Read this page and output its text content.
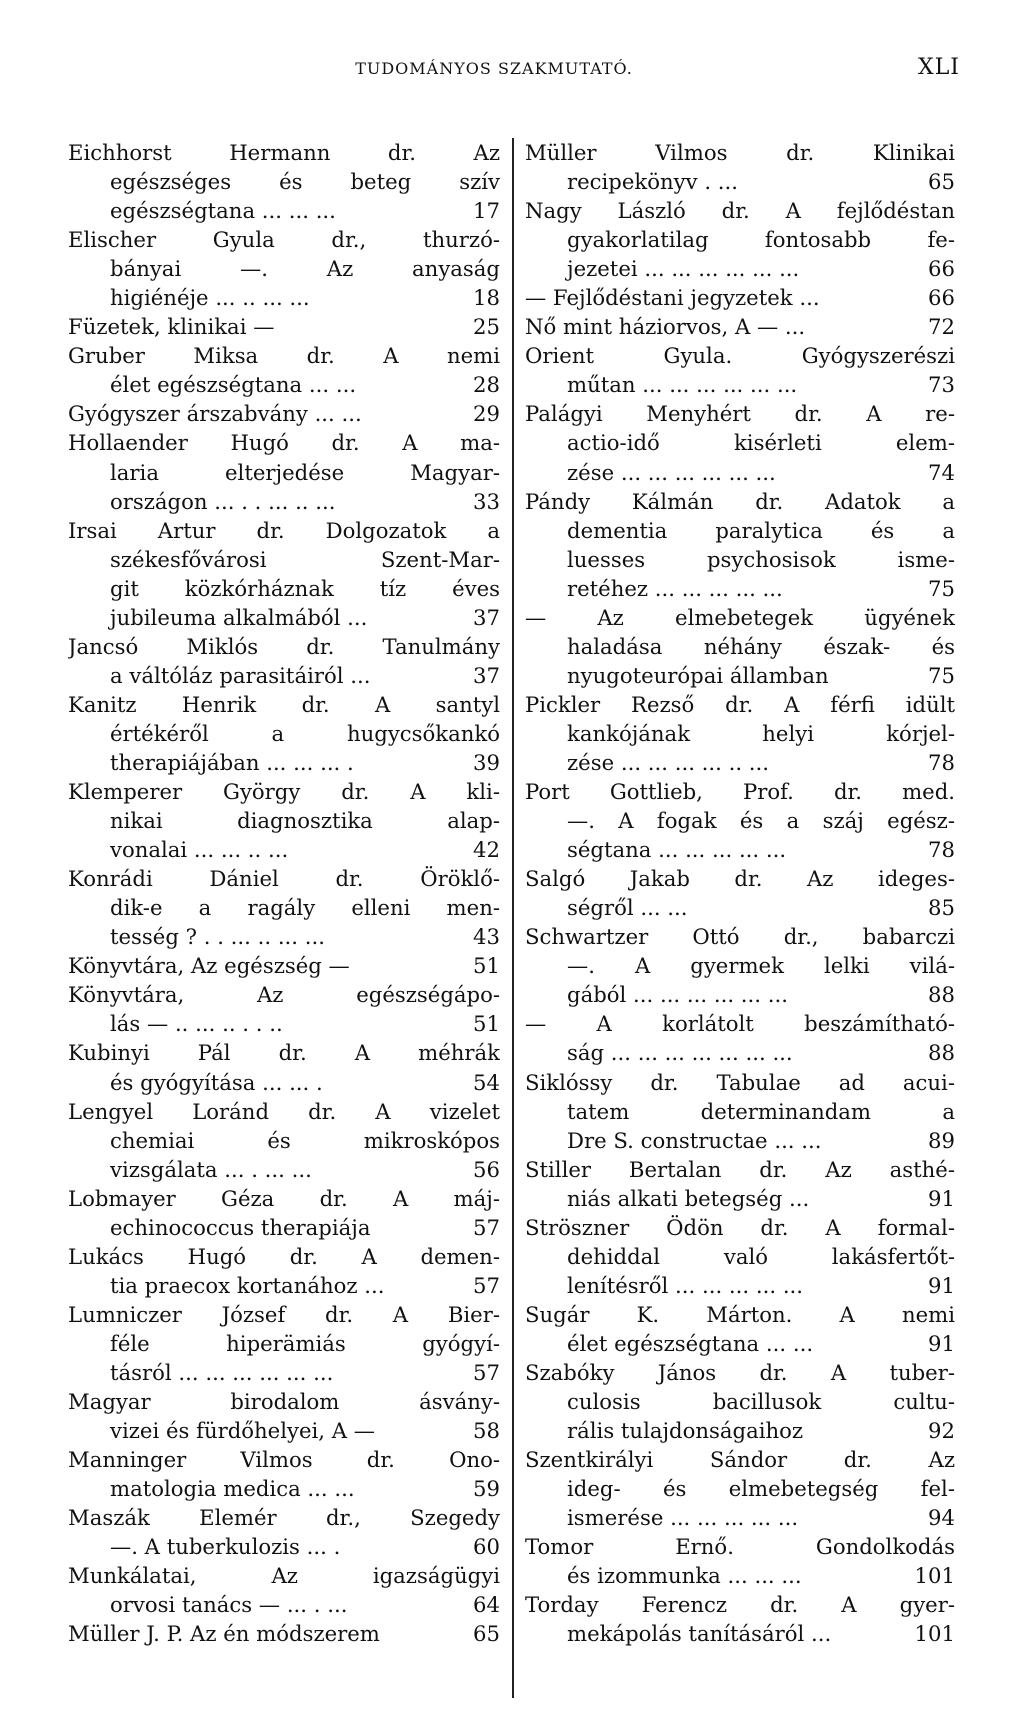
TUDOMÁNYOS SZAKMUTATÓ.	XLI
Eichhorst Hermann dr. Az
egészséges és beteg szív
egészségtana ... ... ...	17
Elischer Gyula dr., thurzó-
bányai —. Az anyaság
higiénéje ... .. ... ...	18
Füzetek, klinikai —	25
Gruber Miksa dr. A nemi
élet egészségtana ... ...	28
Gyógyszer árszabvány ... ...	29
Hollaender Hugó dr. A ma-
laria elterjedése Magyar-
országon ... . . ... .. ...	33
Irsai Artur dr. Dolgozatok a
székesfővárosi Szent-Mar-
git közkórháznak tíz éves
jubileuma alkalmából ...	37
Jancsó Miklós dr. Tanulmány
a váltóláz parasitáiról ...	37
Kanitz Henrik dr. A santyl
értékéről a hugycsőkankó
therapiájában ... ... ... .	39
Klemperer György dr. A kli-
nikai diagnosztika alap-
vonalai ... ... .. ...	42
Konrádi Dániel dr. Öröklő-
dik-e a ragály elleni men-
tesség ? . . ... .. ... ...	43
Könyvtára, Az egészség —	51
Könyvtára, Az egészségápo-
lás — .. ... .. . . ..	51
Kubinyi Pál dr. A méhrák
és gyógyítása ... ... .	54
Lengyel Loránd dr. A vizelet
chemiai és mikroskópos
vizsgálata ... . ... ...	56
Lobmayer Géza dr. A máj-
echinococcus therapiája	57
Lukács Hugó dr. A demen-
tia praecox kortanához ...	57
Lumniczer József dr. A Bier-
féle hiperämiás gyógyí-
tásról ... ... ... ... ... ...	57
Magyar birodalom ásvány-
vizei és fürdőhelyei, A —	58
Manninger Vilmos dr. Ono-
matologia medica ... ...	59
Maszák Elemér dr., Szegedy
—. A tuberkulozis ... .	60
Munkálatai, Az igazságügyi
orvosi tanács — ... . ...	64
Müller J. P. Az én módszerem	65
Müller Vilmos dr. Klinikai
recipekönyv . ...	65
Nagy László dr. A fejlődéstan
gyakorlatilag fontosabb fe-
jezetei ... ... ... ... ... ...	66
— Fejlődéstani jegyzetek ...	66
Nő mint háziorvos, A — ...	72
Orient Gyula. Gyógyszerészi
műtan ... ... ... ... ... ...	73
Palágyi Menyhért dr. A re-
actio-idő kisérleti elem-
zése ... ... ... ... ... ...	74
Pándy Kálmán dr. Adatok a
dementia paralytica és a
luesses psychosisok isme-
retéhez ... ... ... ... ...	75
— Az elmebetegek ügyének
haladása néhány észak- és
nyugoteurópai államban	75
Pickler Rezső dr. A férfi idült
kankójának helyi kórjel-
zése ... ... ... ... .. ...	78
Port Gottlieb, Prof. dr. med.
—. A fogak és a száj egész-
ségtana ... ... ... ... ...	78
Salgó Jakab dr. Az ideges-
ségről ... ...	85
Schwartzer Ottó dr., babarczi
—. A gyermek lelki vilá-
gából ... ... ... ... ... ...	88
— A korlátolt beszámítható-
ság ... ... ... ... ... ... ...	88
Siklóssy dr. Tabulae ad acui-
tatem determinandam a
Dre S. constructae ... ...	89
Stiller Bertalan dr. Az asthé-
niás alkati betegség ...	91
Ströszner Ödön dr. A formal-
dehiddal való lakásfertőt-
lenítésről ... ... ... ... ...	91
Sugár K. Márton. A nemi
élet egészségtana ... ...	91
Szabóky János dr. A tuber-
culosis bacillusok cultu-
rális tulajdonságaihoz	92
Szentkirályi Sándor dr. Az
ideg- és elmebetegség fel-
ismerése ... ... ... ... ...	94
Tomor Ernő. Gondolkodás
és izommunka ... ... ...	101
Torday Ferencz dr. A gyer-
mekápolás tanításáról ...	101
